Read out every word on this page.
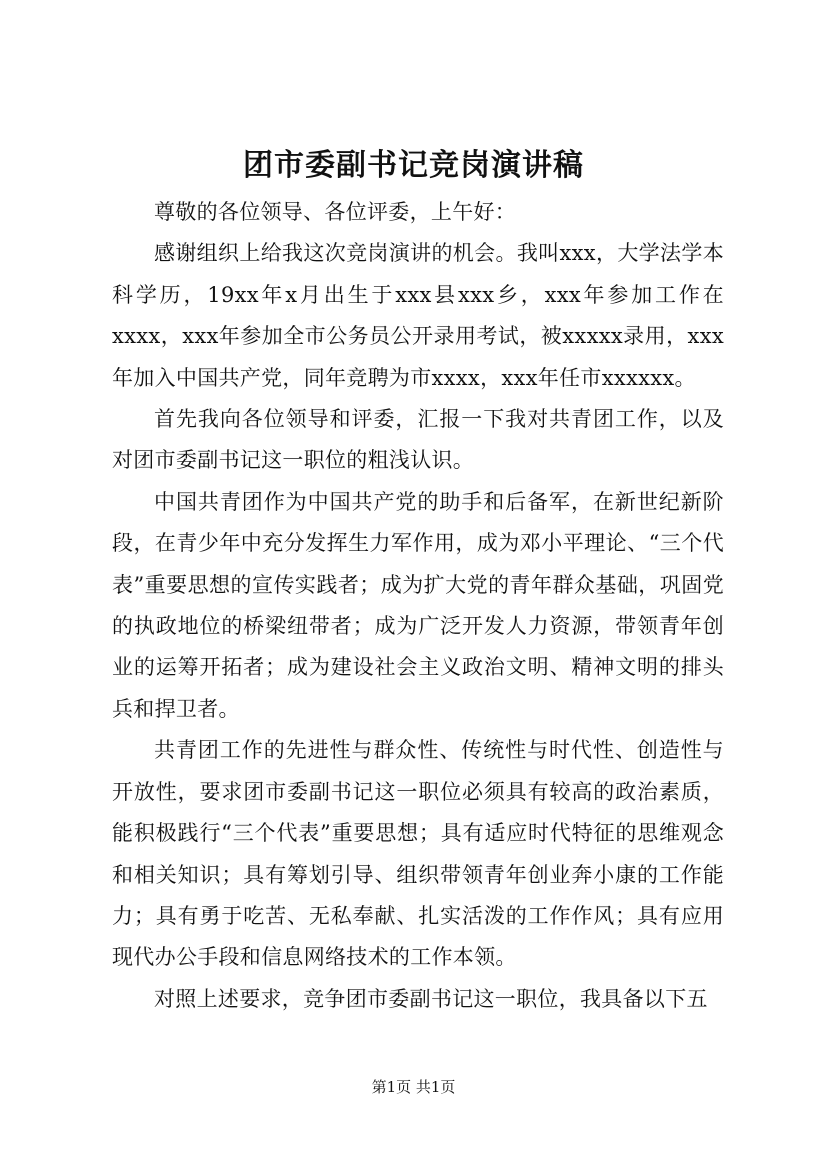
团市委副书记竞岗演讲稿

尊敬的各位领导、各位评委，上午好：

感谢组织上给我这次竞岗演讲的机会。我叫xxx，大学法学本科学历，19xx年x月出生于xxx县xxx乡，xxx年参加工作在xxxx，xxx年参加全市公务员公开录用考试，被xxxxx录用，xxx年加入中国共产党，同年竞聘为市xxxx，xxx年任市xxxxxx。

首先我向各位领导和评委，汇报一下我对共青团工作，以及对团市委副书记这一职位的粗浅认识。

中国共青团作为中国共产党的助手和后备军，在新世纪新阶段，在青少年中充分发挥生力军作用，成为邓小平理论、“三个代表”重要思想的宣传实践者；成为扩大党的青年群众基础，巩固党的执政地位的桥梁纽带者；成为广泛开发人力资源，带领青年创业的运筹开拓者；成为建设社会主义政治文明、精神文明的排头兵和捍卫者。

共青团工作的先进性与群众性、传统性与时代性、创造性与开放性，要求团市委副书记这一职位必须具有较高的政治素质，能积极践行“三个代表”重要思想；具有适应时代特征的思维观念和相关知识；具有筹划引导、组织带领青年创业奔小康的工作能力；具有勇于吃苦、无私奉献、扎实活泼的工作作风；具有应用现代办公手段和信息网络技术的工作本领。

对照上述要求，竞争团市委副书记这一职位，我具备以下五

第1页 共1页
